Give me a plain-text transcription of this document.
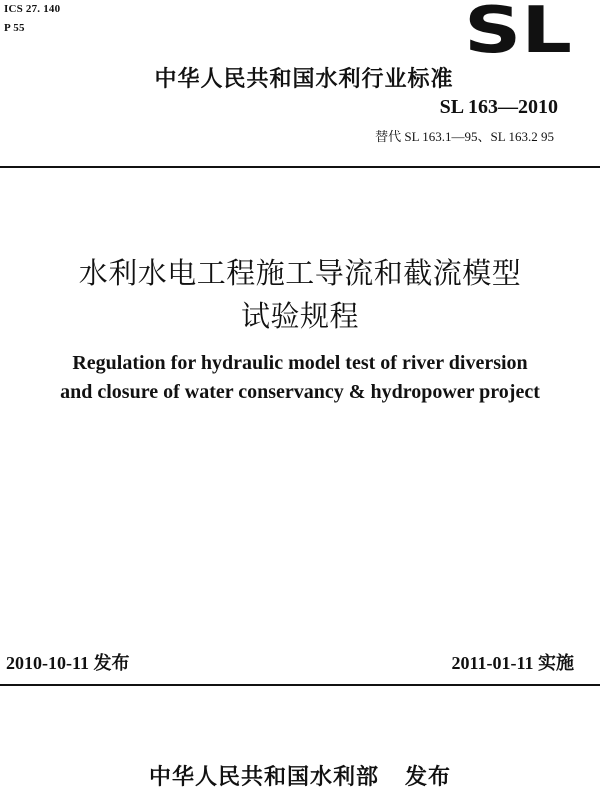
ICS 27. 140
P 55	SL
中华人民共和国水利行业标准
SL 163—2010
替代 SL 163.1—95、SL 163.2 95
水利水电工程施工导流和截流模型
试验规程
Regulation for hydraulic model test of river diversion
and closure of water conservancy & hydropower project
2010-10-11 发布	2011-01-11 实施
中华人民共和国水利部   发布
